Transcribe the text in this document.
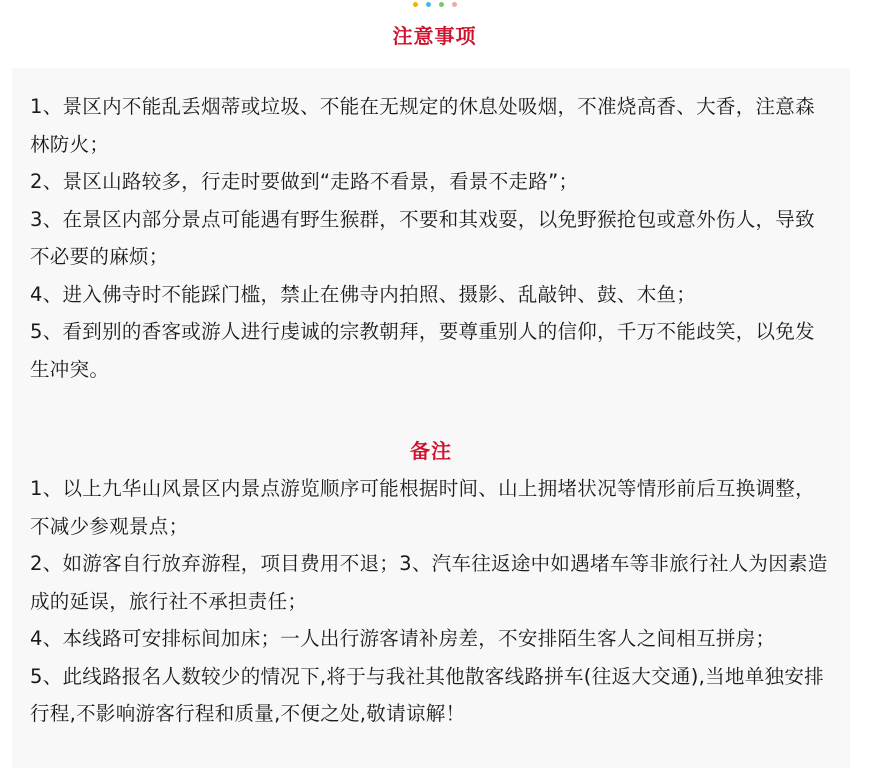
注意事项

1、景区内不能乱丢烟蒂或垃圾、不能在无规定的休息处吸烟，不准烧高香、大香，注意森林防火；

2、景区山路较多，行走时要做到“走路不看景，看景不走路”；

3、在景区内部分景点可能遇有野生猴群，不要和其戏耍，以免野猴抢包或意外伤人，导致不必要的麻烦；

4、进入佛寺时不能踩门槛，禁止在佛寺内拍照、摄影、乱敲钟、鼓、木鱼；

5、看到别的香客或游人进行虔诚的宗教朝拜，要尊重别人的信仰，千万不能歧笑，以免发生冲突。

备注

1、以上九华山风景区内景点游览顺序可能根据时间、山上拥堵状况等情形前后互换调整，不减少参观景点；

2、如游客自行放弃游程，项目费用不退；3、汽车往返途中如遇堵车等非旅行社人为因素造成的延误，旅行社不承担责任；

4、本线路可安排标间加床；一人出行游客请补房差，不安排陌生客人之间相互拼房；

5、此线路报名人数较少的情况下,将于与我社其他散客线路拼车(往返大交通),当地单独安排行程,不影响游客行程和质量,不便之处,敬请谅解！
